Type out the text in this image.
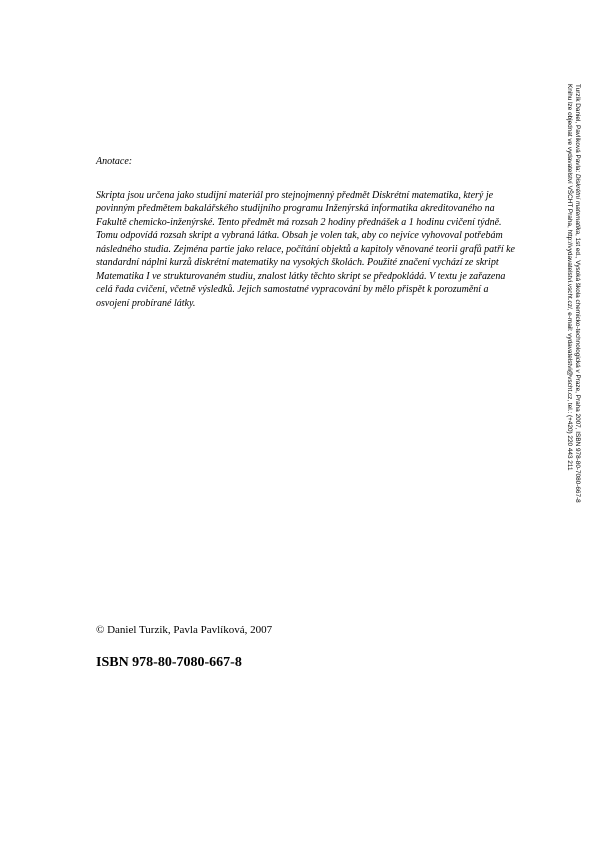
Anotace:

Skripta jsou určena jako studijní materiál pro stejnojmenný předmět Diskrétní matematika, který je povinným předmětem bakalářského studijního programu Inženýrská informatika akreditovaného na Fakultě chemicko-inženýrské. Tento předmět má rozsah 2 hodiny přednášek a 1 hodinu cvičení týdně. Tomu odpovídá rozsah skript a vybraná látka. Obsah je volen tak, aby co nejvíce vyhovoval potřebám následného studia. Zejména partie jako relace, počítání objektů a kapitoly věnované teorii grafů patří ke standardní náplni kurzů diskrétní matematiky na vysokých školách. Použité značení vychází ze skript Matematika I ve strukturovaném studiu, znalost látky těchto skript se předpokládá. V textu je zařazena celá řada cvičení, včetně výsledků. Jejich samostatné vypracování by mělo přispět k porozumění a osvojení probírané látky.

© Daniel Turzik, Pavla Pavlíková, 2007
ISBN 978-80-7080-667-8
Turzík Daniel, Pavlíková Pavla: Diskrétní matematika, 1st ed., Vysoká škola chemicko-technologická v Praze, Praha 2007, ISBN 978-80-7080-667-8
Knihu lze objednat ve vydavatelství VŠCHT Praha, http://vydavatelstvi.vscht.cz/, e-mail: vydavatelstvi@vscht.cz, tel.: (+420) 220 443 211
